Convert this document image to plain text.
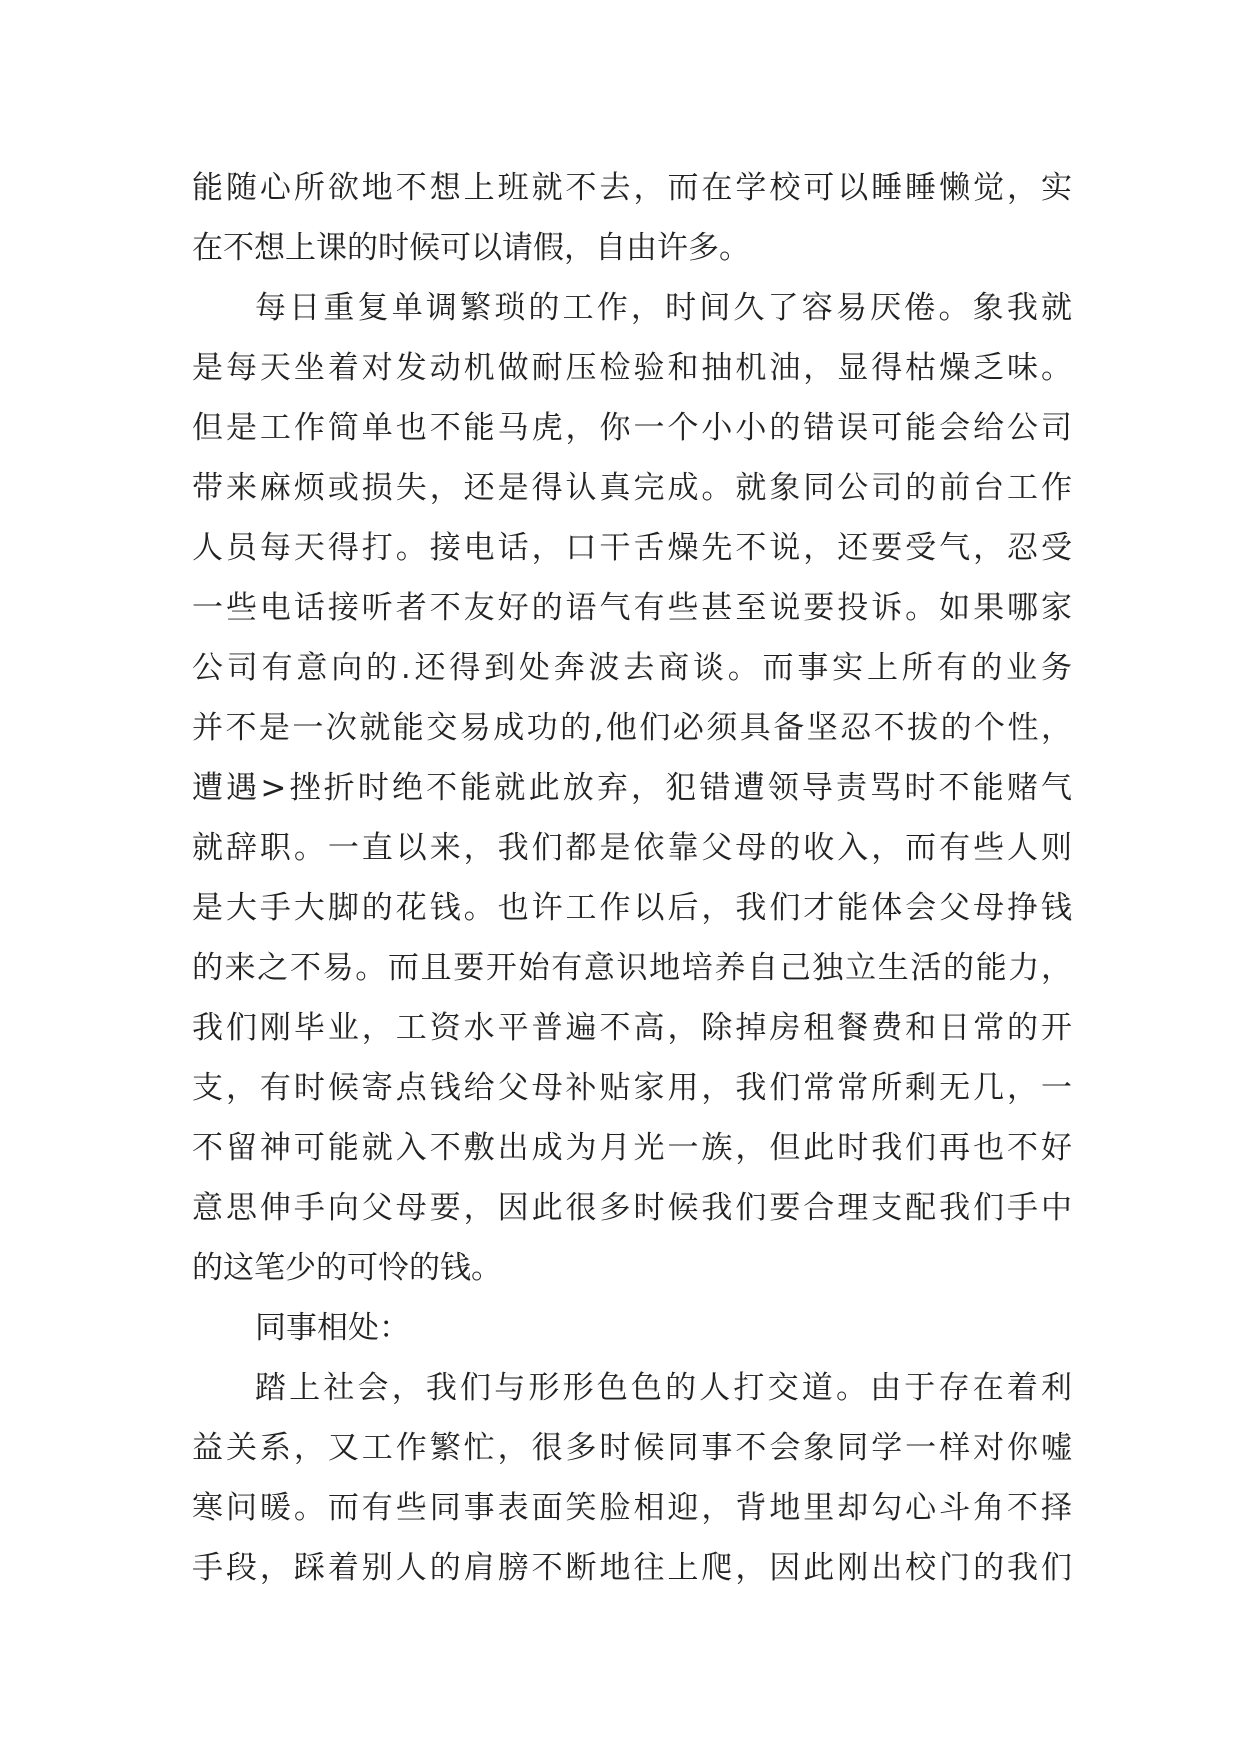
能随心所欲地不想上班就不去，而在学校可以睡睡懒觉，实
在不想上课的时候可以请假，自由许多。
每日重复单调繁琐的工作，时间久了容易厌倦。象我就
是每天坐着对发动机做耐压检验和抽机油，显得枯燥乏味。
但是工作简单也不能马虎，你一个小小的错误可能会给公司
带来麻烦或损失，还是得认真完成。就象同公司的前台工作
人员每天得打。接电话，口干舌燥先不说，还要受气，忍受
一些电话接听者不友好的语气有些甚至说要投诉。如果哪家
公司有意向的.还得到处奔波去商谈。而事实上所有的业务
并不是一次就能交易成功的,他们必须具备坚忍不拔的个性，
遭遇>挫折时绝不能就此放弃，犯错遭领导责骂时不能赌气
就辞职。一直以来，我们都是依靠父母的收入，而有些人则
是大手大脚的花钱。也许工作以后，我们才能体会父母挣钱
的来之不易。而且要开始有意识地培养自己独立生活的能力，
我们刚毕业，工资水平普遍不高，除掉房租餐费和日常的开
支，有时候寄点钱给父母补贴家用，我们常常所剩无几，一
不留神可能就入不敷出成为月光一族，但此时我们再也不好
意思伸手向父母要，因此很多时候我们要合理支配我们手中
的这笔少的可怜的钱。
同事相处：
踏上社会，我们与形形色色的人打交道。由于存在着利
益关系，又工作繁忙，很多时候同事不会象同学一样对你嘘
寒问暖。而有些同事表面笑脸相迎，背地里却勾心斗角不择
手段，踩着别人的肩膀不断地往上爬，因此刚出校门的我们
